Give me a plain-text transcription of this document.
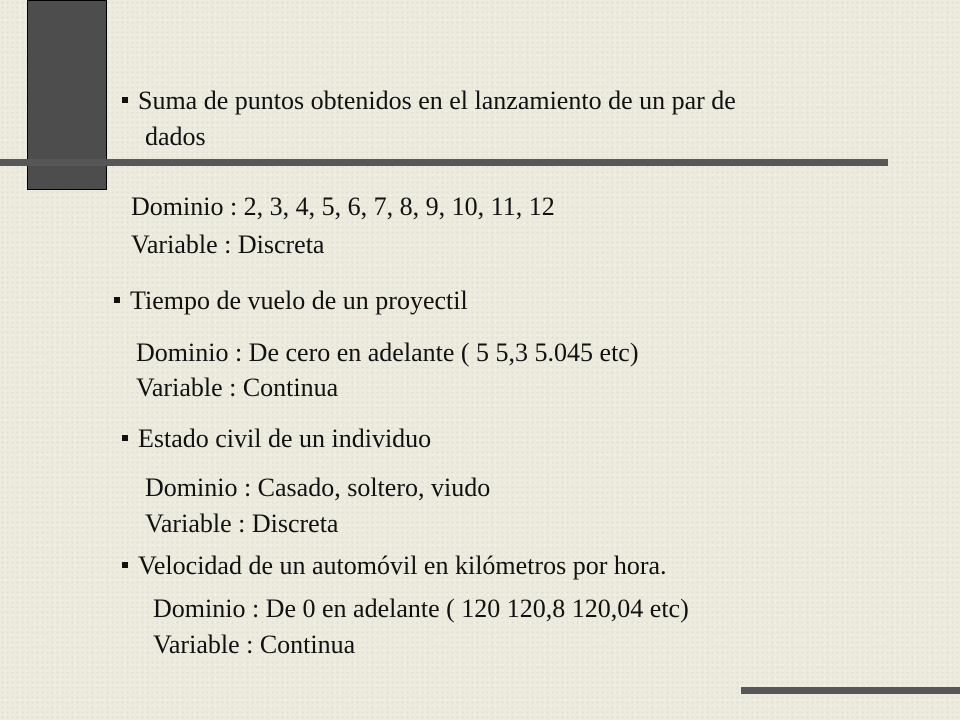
Suma de puntos obtenidos en el lanzamiento de un par de
dados
Dominio : 2, 3, 4, 5, 6, 7, 8, 9, 10, 11, 12
Variable : Discreta
Tiempo de vuelo de un proyectil
Dominio : De cero en adelante ( 5 5,3 5.045 etc)
Variable : Continua
Estado civil de un individuo
Dominio : Casado, soltero, viudo
Variable : Discreta
Velocidad de un automóvil en kilómetros por hora.
Dominio : De 0 en adelante ( 120 120,8 120,04 etc)
Variable : Continua
